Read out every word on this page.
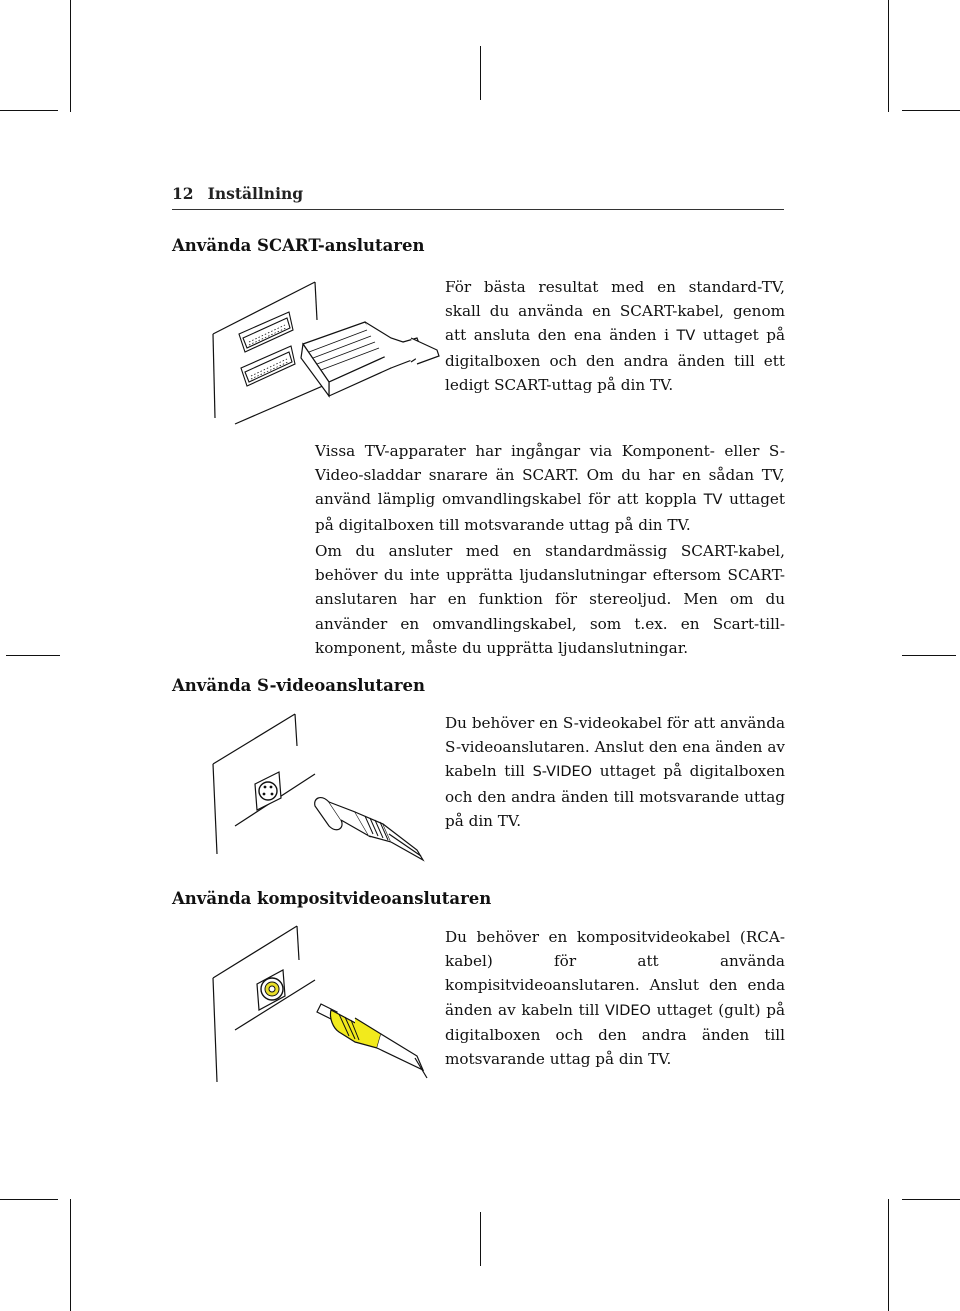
12 Inställning
Använda SCART-anslutaren

För bästa resultat med en standard-TV, skall du använda en SCART-kabel, genom att ansluta den ena änden i TV uttaget på digitalboxen och den andra änden till ett ledigt SCART-uttag på din TV.

Vissa TV-apparater har ingångar via Komponent- eller S-Video-sladdar snarare än SCART. Om du har en sådan TV, använd lämplig omvandlingskabel för att koppla TV uttaget på digitalboxen till motsvarande uttag på din TV.

Om du ansluter med en standardmässig SCART-kabel, behöver du inte upprätta ljudanslutningar eftersom SCART-anslutaren har en funktion för stereoljud. Men om du använder en omvandlingskabel, som t.ex. en Scart-till-komponent, måste du upprätta ljudanslutningar.

Använda S-videoanslutaren

Du behöver en S-videokabel för att använda S-videoanslutaren. Anslut den ena änden av kabeln till S-VIDEO uttaget på digitalboxen och den andra änden till motsvarande uttag på din TV.

Använda kompositvideoanslutaren

Du behöver en kompositvideokabel (RCA-kabel) för att använda kompisitvideoanslutaren. Anslut den enda änden av kabeln till VIDEO uttaget (gult) på digitalboxen och den andra änden till motsvarande uttag på din TV.
